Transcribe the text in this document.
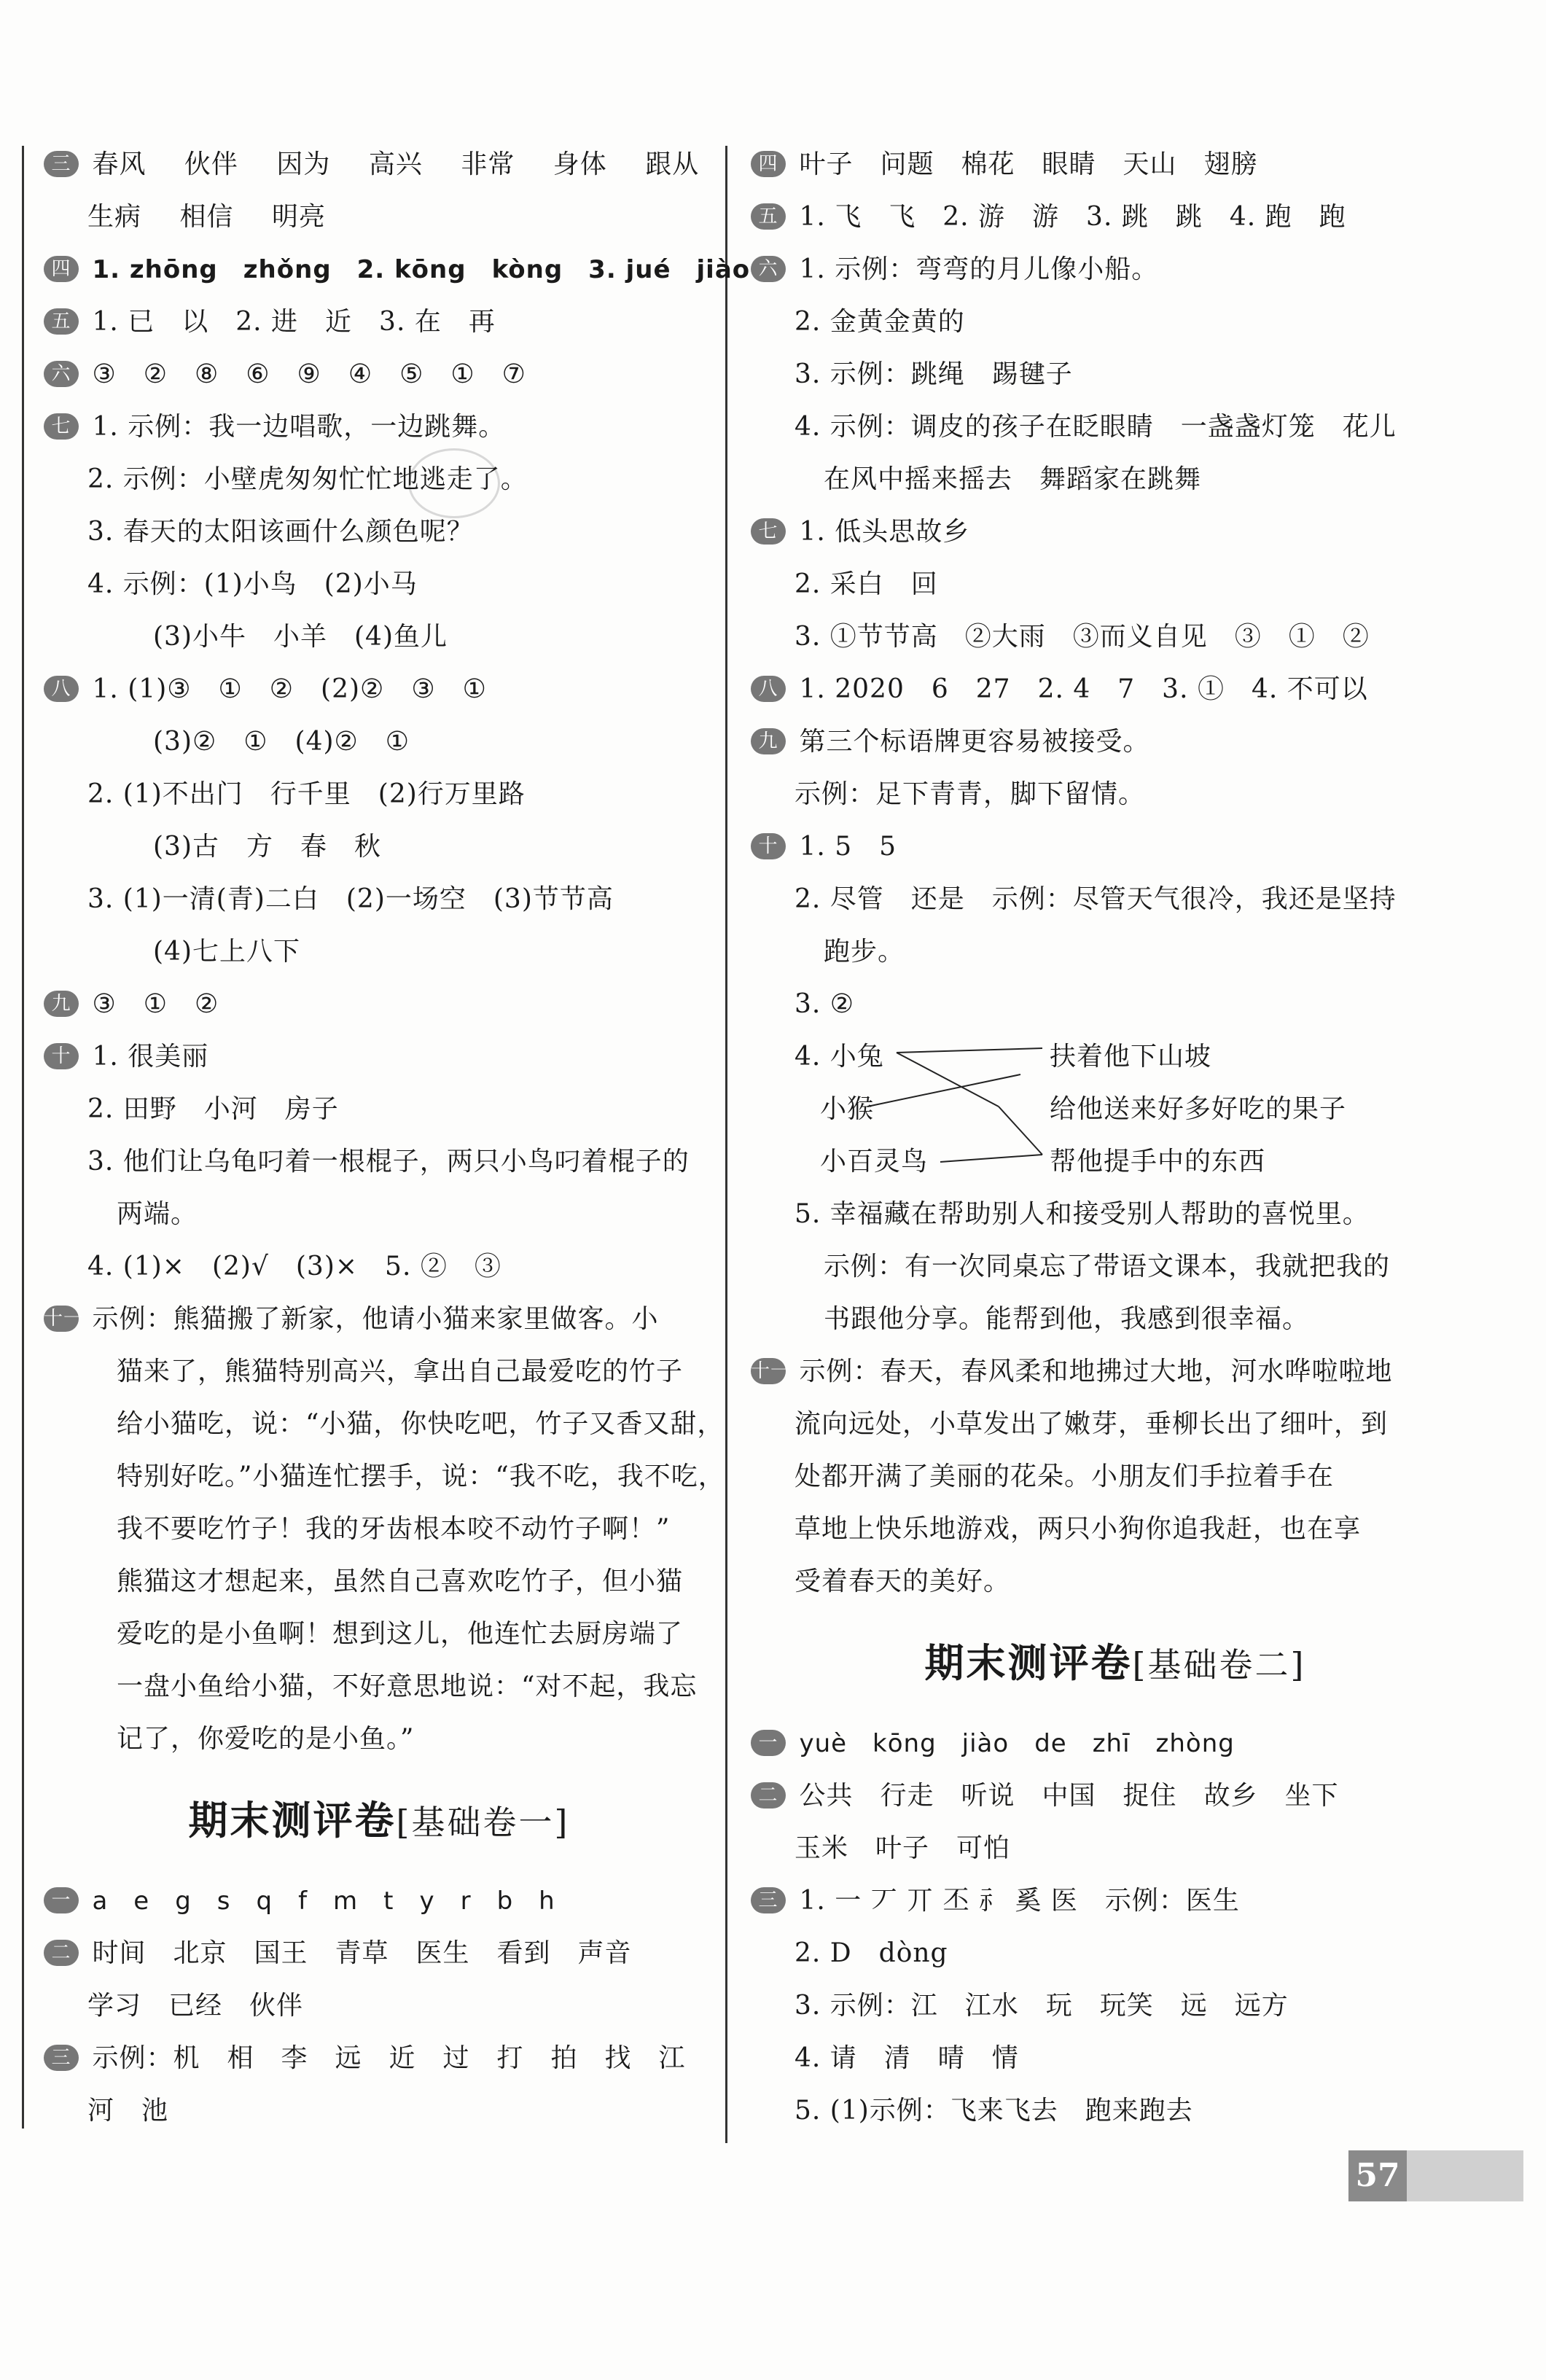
三 春风 伙伴 因为 高兴 非常 身体 跟从
生病 相信 明亮
四 1. zhōng　zhǒng　2. kōng　kòng　3. jué　jiào
五 1. 已　以　2. 进　近　3. 在　再
六 ③　②　⑧　⑥　⑨　④　⑤　①　⑦
七 1. 示例：我一边唱歌，一边跳舞。
2. 示例：小壁虎匆匆忙忙地逃走了。
3. 春天的太阳该画什么颜色呢？
4. 示例：(1)小鸟　(2)小马
(3)小牛　小羊　(4)鱼儿
八 1. (1)③　①　②　(2)②　③　①
(3)②　①　(4)②　①
2. (1)不出门　行千里　(2)行万里路
(3)古　方　春　秋
3. (1)一清(青)二白　(2)一场空　(3)节节高
(4)七上八下
九 ③　①　②
十 1. 很美丽
2. 田野　小河　房子
3. 他们让乌龟叼着一根棍子，两只小鸟叼着棍子的
两端。
4. (1)×　(2)√　(3)×　5. ②　③
十一 示例：熊猫搬了新家，他请小猫来家里做客。小
猫来了，熊猫特别高兴，拿出自己最爱吃的竹子
给小猫吃，说：“小猫，你快吃吧，竹子又香又甜，
特别好吃。”小猫连忙摆手，说：“我不吃，我不吃，
我不要吃竹子！我的牙齿根本咬不动竹子啊！”
熊猫这才想起来，虽然自己喜欢吃竹子，但小猫
爱吃的是小鱼啊！想到这儿，他连忙去厨房端了
一盘小鱼给小猫，不好意思地说：“对不起，我忘
记了，你爱吃的是小鱼。”
期末测评卷[基础卷一]
一 a　e　g　s　q　f　m　t　y　r　b　h
二 时间　北京　国王　青草　医生　看到　声音
学习　已经　伙伴
三 示例：机　相　李　远　近　过　打　拍　找　江
河　池
四 叶子　问题　棉花　眼睛　天山　翅膀
五 1. 飞　飞　2. 游　游　3. 跳　跳　4. 跑　跑
六 1. 示例：弯弯的月儿像小船。
2. 金黄金黄的
3. 示例：跳绳　踢毽子
4. 示例：调皮的孩子在眨眼睛　一盏盏灯笼　花儿
在风中摇来摇去　舞蹈家在跳舞
七 1. 低头思故乡
2. 采白　回
3. ①节节高　②大雨　③而义自见　③　①　②
八 1. 2020　6　27　2. 4　7　3. ①　4. 不可以
九 第三个标语牌更容易被接受。
示例：足下青青，脚下留情。
十 1. 5　5
2. 尽管　还是　示例：尽管天气很冷，我还是坚持
跑步。
3. ②
4. 小兔
小猴
小百灵鸟
扶着他下山坡
给他送来好多好吃的果子
帮他提手中的东西
5. 幸福藏在帮助别人和接受别人帮助的喜悦里。
示例：有一次同桌忘了带语文课本，我就把我的
书跟他分享。能帮到他，我感到很幸福。
十一 示例：春天，春风柔和地拂过大地，河水哗啦啦地
流向远处，小草发出了嫩芽，垂柳长出了细叶，到
处都开满了美丽的花朵。小朋友们手拉着手在
草地上快乐地游戏，两只小狗你追我赶，也在享
受着春天的美好。
期末测评卷[基础卷二]
一 yuè　kōng　jiào　de　zhī　zhòng
二 公共　行走　听说　中国　捉住　故乡　坐下
玉米　叶子　可怕
三 1. 一 丆 丌 丕 ⺬ 奚 医　示例：医生
2. D　dòng
3. 示例：江　江水　玩　玩笑　远　远方
4. 请　清　晴　情
5. (1)示例：飞来飞去　跑来跑去
57
